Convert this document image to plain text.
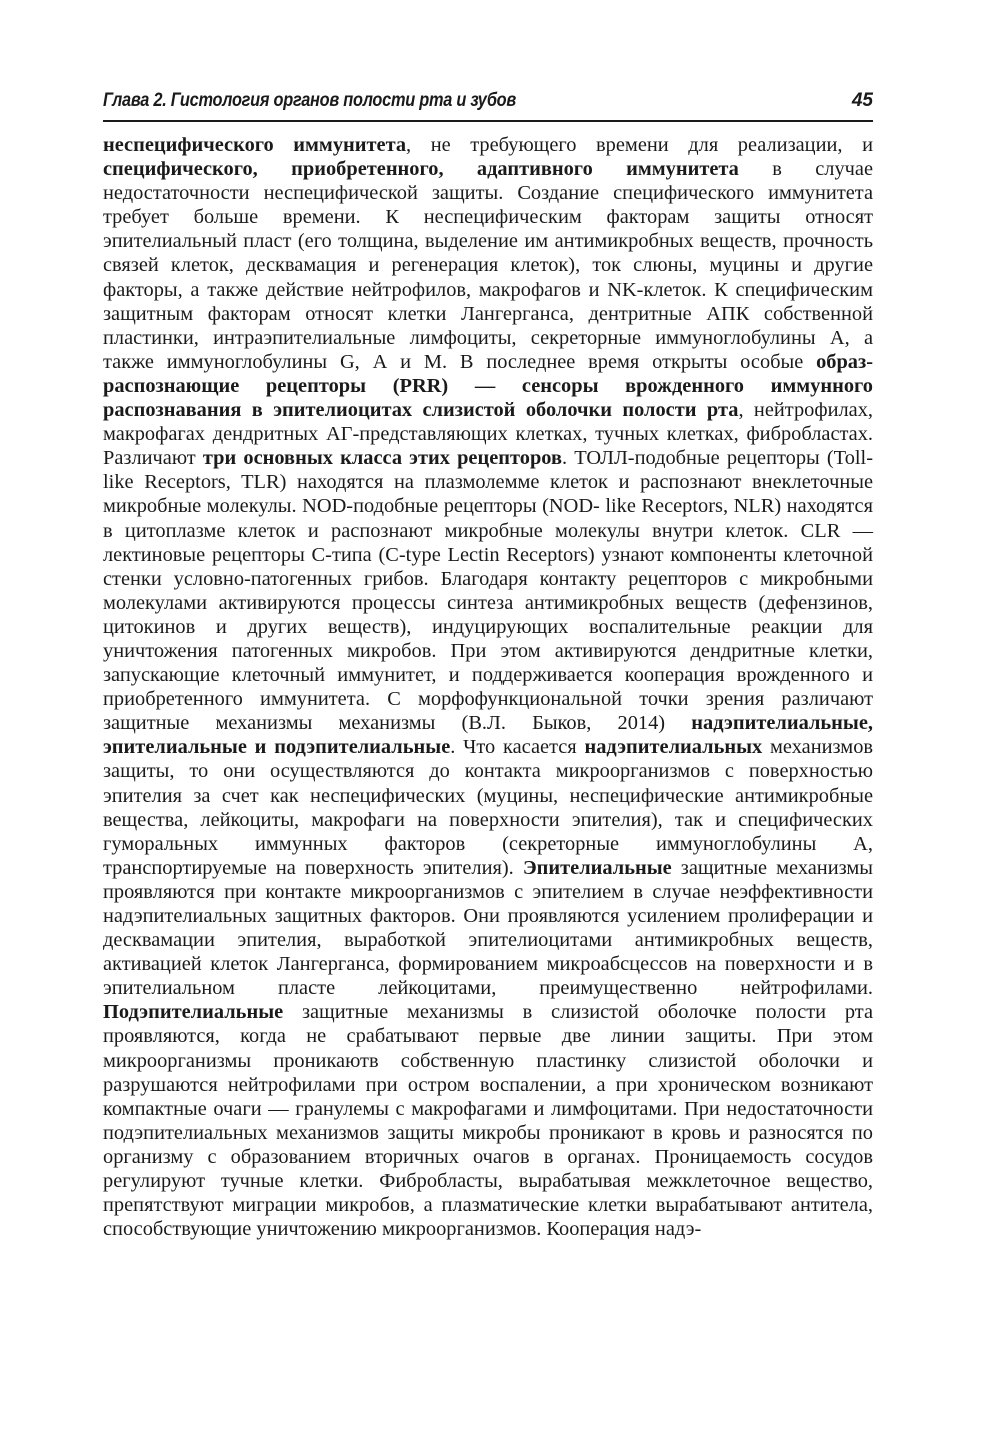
Глава 2. Гистология органов полости рта и зубов	45
неспецифического иммунитета, не требующего времени для реализации, и специфического, приобретенного, адаптивного иммунитета в случае недостаточности неспецифической защиты. Создание специфического иммунитета требует больше времени. К неспецифическим факторам защиты относят эпителиальный пласт (его толщина, выделение им антимикробных веществ, прочность связей клеток, десквамация и регенерация клеток), ток слюны, муцины и другие факторы, а также действие нейтрофилов, макрофагов и NK-клеток. К специфическим защитным факторам относят клетки Лангерганса, дентритные АПК собственной пластинки, интраэпителиальные лимфоциты, секреторные иммуноглобулины А, а также иммуноглобулины G, А и M. В последнее время открыты особые образ-распознающие рецепторы (PRR) — сенсоры врожденного иммунного распознавания в эпителиоцитах слизистой оболочки полости рта, нейтрофилах, макрофагах дендритных АГ-представляющих клетках, тучных клетках, фибробластах. Различают три основных класса этих рецепторов. ТОЛЛ-подобные рецепторы (Toll-like Receptors, TLR) находятся на плазмолемме клеток и распознают внеклеточные микробные молекулы. NOD-подобные рецепторы (NOD- like Receptors, NLR) находятся в цитоплазме клеток и распознают микробные молекулы внутри клеток. CLR — лектиновые рецепторы C-типа (C-type Lectin Receptors) узнают компоненты клеточной стенки условно-патогенных грибов. Благодаря контакту рецепторов с микробными молекулами активируются процессы синтеза антимикробных веществ (дефензинов, цитокинов и других веществ), индуцирующих воспалительные реакции для уничтожения патогенных микробов. При этом активируются дендритные клетки, запускающие клеточный иммунитет, и поддерживается кооперация врожденного и приобретенного иммунитета. С морфофункциональной точки зрения различают защитные механизмы механизмы (В.Л. Быков, 2014) надэпителиальные, эпителиальные и подэпителиальные. Что касается надэпителиальных механизмов защиты, то они осуществляются до контакта микроорганизмов с поверхностью эпителия за счет как неспецифических (муцины, неспецифические антимикробные вещества, лейкоциты, макрофаги на поверхности эпителия), так и специфических гуморальных иммунных факторов (секреторные иммуноглобулины А, транспортируемые на поверхность эпителия). Эпителиальные защитные механизмы проявляются при контакте микроорганизмов с эпителием в случае неэффективности надэпителиальных защитных факторов. Они проявляются усилением пролиферации и десквамации эпителия, выработкой эпителиоцитами антимикробных веществ, активацией клеток Лангерганса, формированием микроабсцессов на поверхности и в эпителиальном пласте лейкоцитами, преимущественно нейтрофилами. Подэпителиальные защитные механизмы в слизистой оболочке полости рта проявляются, когда не срабатывают первые две линии защиты. При этом микроорганизмы проникаютв собственную пластинку слизистой оболочки и разрушаются нейтрофилами при остром воспалении, а при хроническом возникают компактные очаги — гранулемы с макрофагами и лимфоцитами. При недостаточности подэпителиальных механизмов защиты микробы проникают в кровь и разносятся по организму с образованием вторичных очагов в органах. Проницаемость сосудов регулируют тучные клетки. Фибробласты, вырабатывая межклеточное вещество, препятствуют миграции микробов, а плазматические клетки вырабатывают антитела, способствующие уничтожению микроорганизмов. Кооперация надэ-
